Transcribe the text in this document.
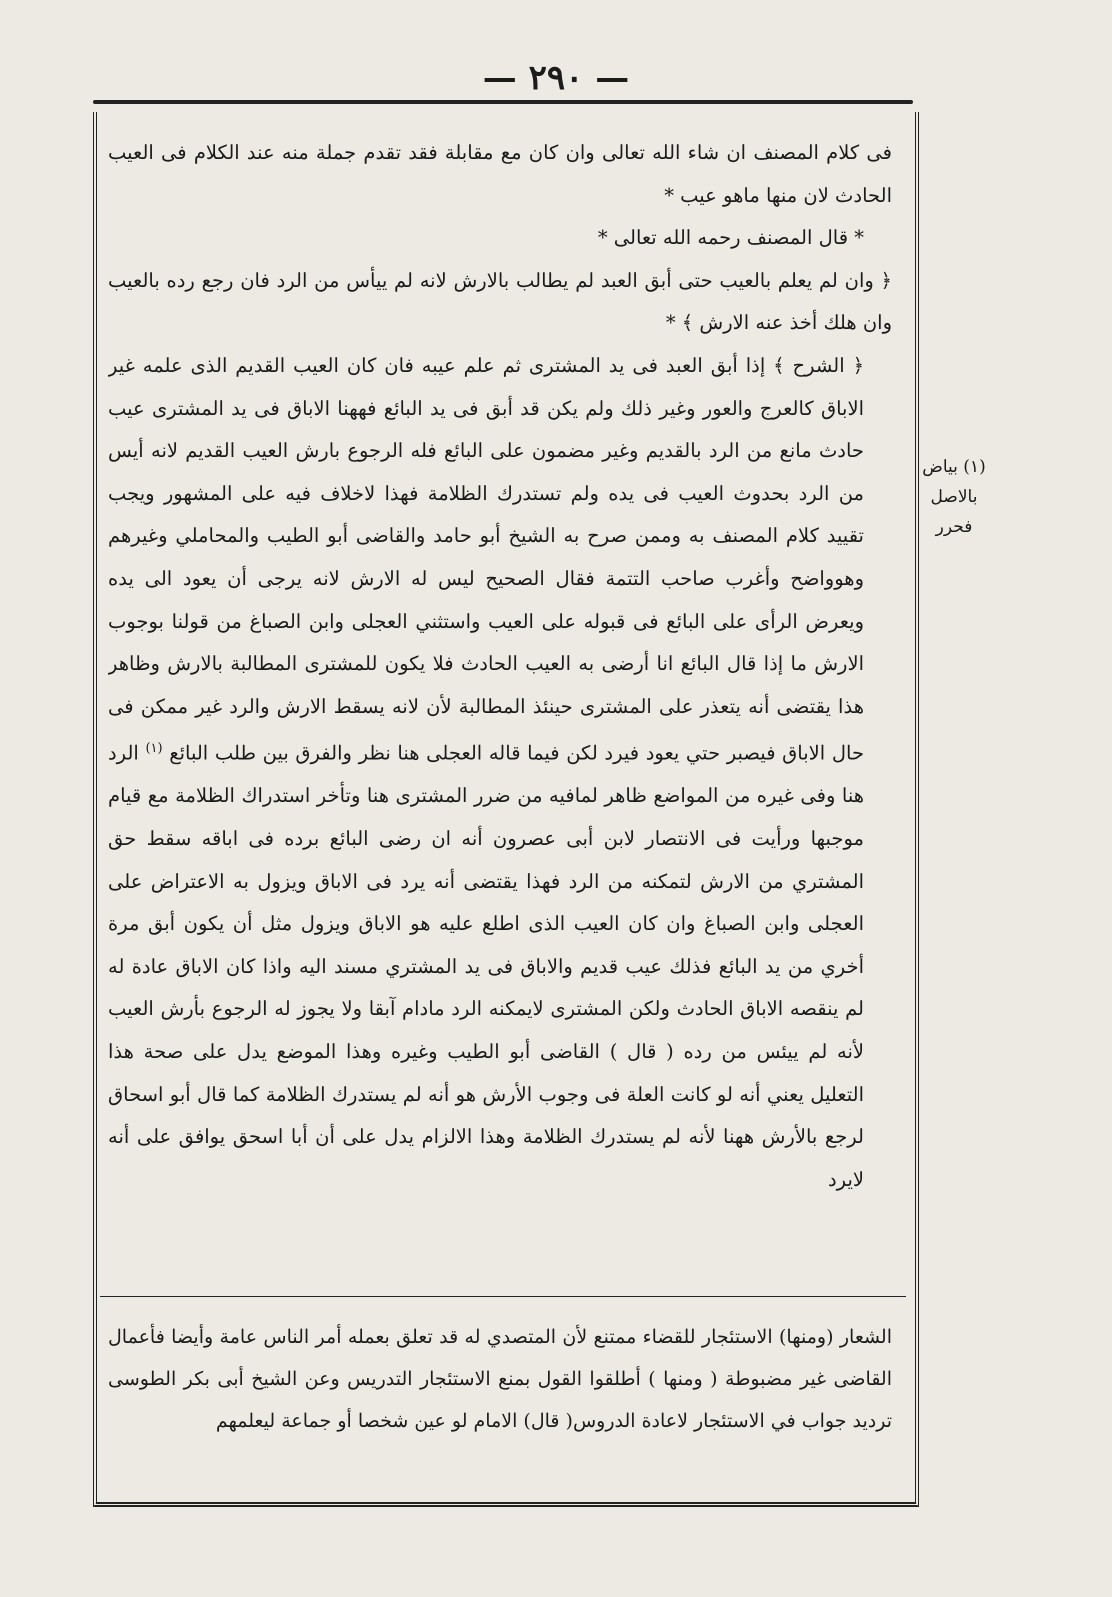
— ٢٩٠ —

فى كلام المصنف ان شاء الله تعالى وان كان مع مقابلة فقد تقدم جملة منه عند الكلام فى العيب الحادث لان منها ماهو عيب *

* قال المصنف رحمه الله تعالى *

﴿ وان لم يعلم بالعيب حتى أبق العبد لم يطالب بالارش لانه لم ييأس من الرد فان رجع رده بالعيب وان هلك أخذ عنه الارش ﴾ *

﴿ الشرح ﴾ إذا أبق العبد فى يد المشترى ثم علم عيبه فان كان العيب القديم الذى علمه غير الاباق كالعرج والعور وغير ذلك ولم يكن قد أبق فى يد البائع فههنا الاباق فى يد المشترى عيب حادث مانع من الرد بالقديم وغير مضمون على البائع فله الرجوع بارش العيب القديم لانه أيس من الرد بحدوث العيب فى يده ولم تستدرك الظلامة فهذا لاخلاف فيه على المشهور ويجب تقييد كلام المصنف به وممن صرح به الشيخ أبو حامد والقاضى أبو الطيب والمحاملي وغيرهم وهوواضح وأغرب صاحب التتمة فقال الصحيح ليس له الارش لانه يرجى أن يعود الى يده ويعرض الرأى على البائع فى قبوله على العيب واستثني العجلى وابن الصباغ من قولنا بوجوب الارش ما إذا قال البائع انا أرضى به العيب الحادث فلا يكون للمشترى المطالبة بالارش وظاهر هذا يقتضى أنه يتعذر على المشترى حينئذ المطالبة لأن لانه يسقط الارش والرد غير ممكن فى حال الاباق فيصبر حتي يعود فيرد لكن فيما قاله العجلى هنا نظر والفرق بين طلب البائع $^{(١)}$ الرد هنا وفى غيره من المواضع ظاهر لمافيه من ضرر المشترى هنا وتأخر استدراك الظلامة مع قيام موجبها ورأيت فى الانتصار لابن أبى عصرون أنه ان رضى البائع برده فى اباقه سقط حق المشتري من الارش لتمكنه من الرد فهذا يقتضى أنه يرد فى الاباق ويزول به الاعتراض على العجلى وابن الصباغ وان كان العيب الذى اطلع عليه هو الاباق ويزول مثل أن يكون أبق مرة أخري من يد البائع فذلك عيب قديم والاباق فى يد المشتري مسند اليه واذا كان الاباق عادة له لم ينقصه الاباق الحادث ولكن المشترى لايمكنه الرد مادام آبقا ولا يجوز له الرجوع بأرش العيب لأنه لم ييئس من رده ( قال ) القاضى أبو الطيب وغيره وهذا الموضع يدل على صحة هذا التعليل يعني أنه لو كانت العلة فى وجوب الأرش هو أنه لم يستدرك الظلامة كما قال أبو اسحاق لرجع بالأرش ههنا لأنه لم يستدرك الظلامة وهذا الالزام يدل على أن أبا اسحق يوافق على أنه لايرد

الشعار (ومنها) الاستئجار للقضاء ممتنع لأن المتصدي له قد تعلق بعمله أمر الناس عامة وأيضا فأعمال القاضى غير مضبوطة ( ومنها ) أطلقوا القول بمنع الاستئجار التدريس وعن الشيخ أبى بكر الطوسى ترديد جواب في الاستئجار لاعادة الدروس( قال) الامام لو عين شخصا أو جماعة ليعلمهم

(١) بياض
بالاصل فحرر
